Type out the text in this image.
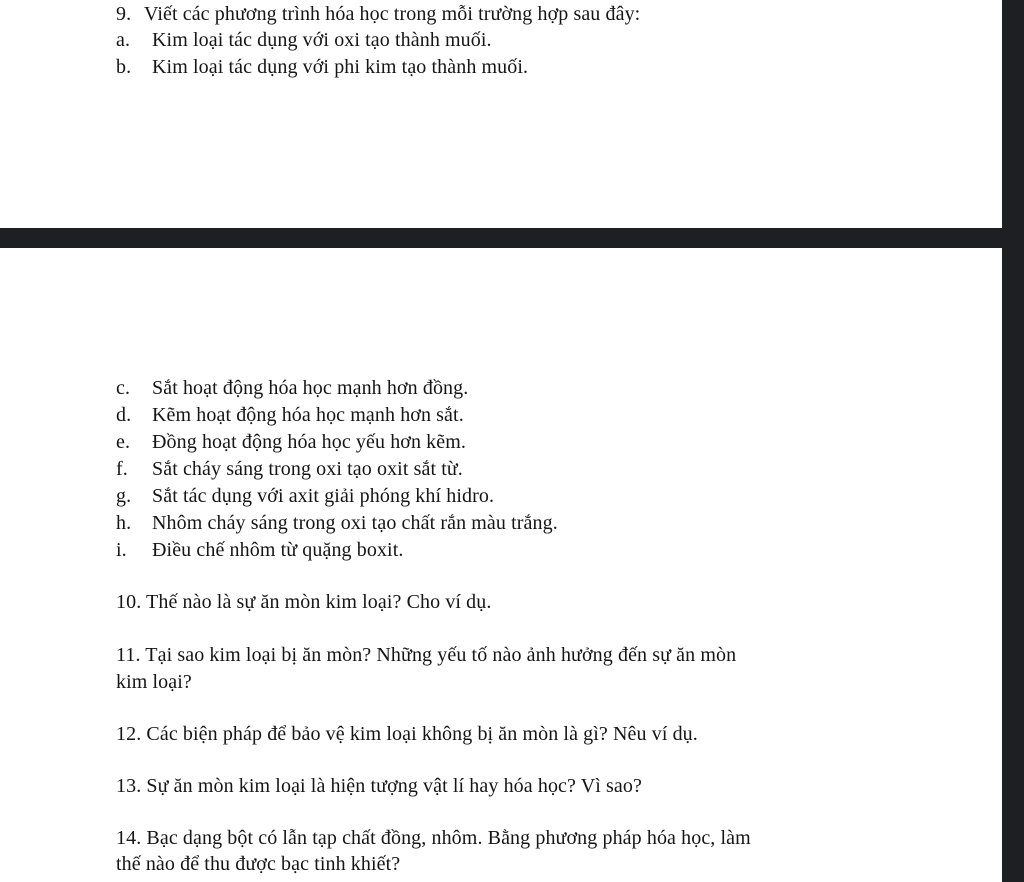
9. Viết các phương trình hóa học trong mỗi trường hợp sau đây:
a. Kim loại tác dụng với oxi tạo thành muối.
b. Kim loại tác dụng với phi kim tạo thành muối.
c. Sắt hoạt động hóa học mạnh hơn đồng.
d. Kẽm hoạt động hóa học mạnh hơn sắt.
e. Đồng hoạt động hóa học yếu hơn kẽm.
f. Sắt cháy sáng trong oxi tạo oxit sắt từ.
g. Sắt tác dụng với axit giải phóng khí hidro.
h. Nhôm cháy sáng trong oxi tạo chất rắn màu trắng.
i. Điều chế nhôm từ quặng boxit.
10. Thế nào là sự ăn mòn kim loại? Cho ví dụ.
11. Tại sao kim loại bị ăn mòn? Những yếu tố nào ảnh hưởng đến sự ăn mòn
kim loại?
12. Các biện pháp để bảo vệ kim loại không bị ăn mòn là gì? Nêu ví dụ.
13. Sự ăn mòn kim loại là hiện tượng vật lí hay hóa học? Vì sao?
14. Bạc dạng bột có lẫn tạp chất đồng, nhôm. Bằng phương pháp hóa học, làm
thế nào để thu được bạc tinh khiết?
